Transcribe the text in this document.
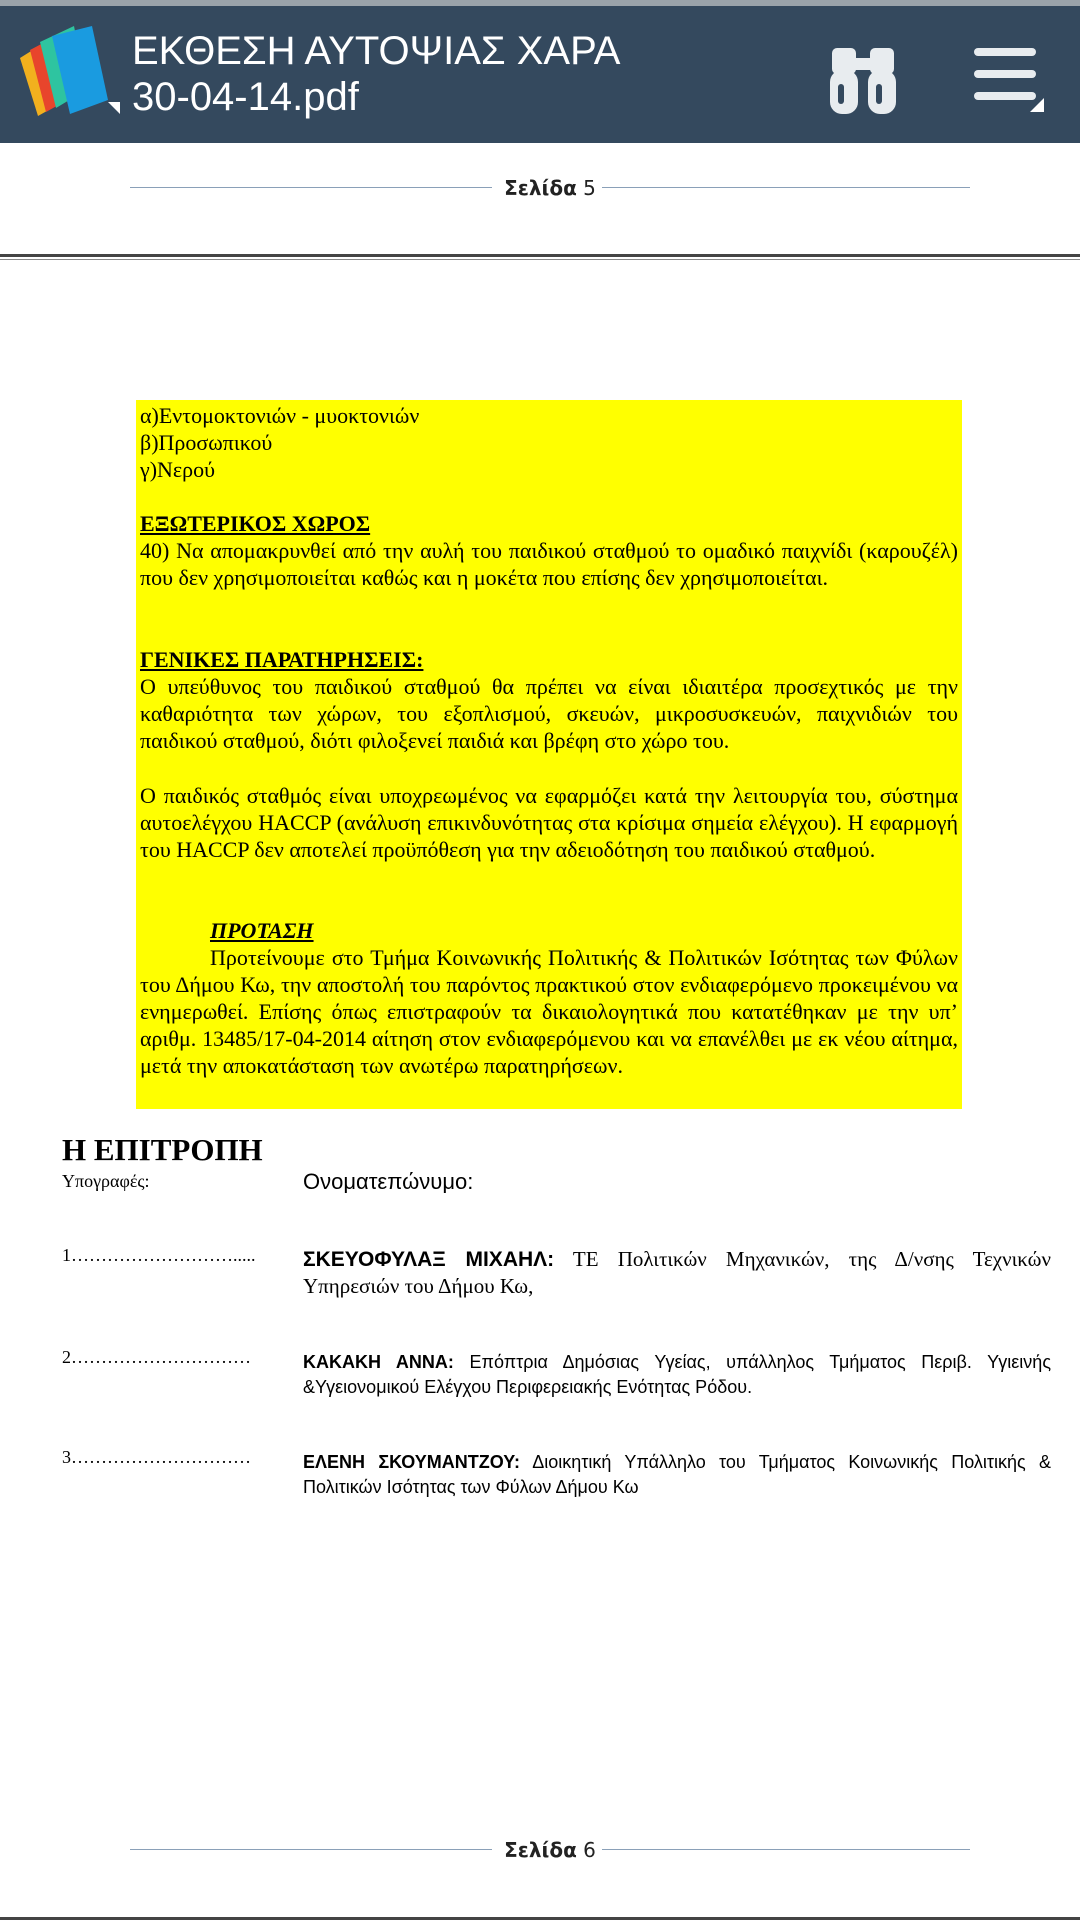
ΕΚΘΕΣΗ ΑΥΤΟΨΙΑΣ ΧΑΡΑ
30-04-14.pdf
Σελίδα 5
α)Εντομοκτονιών - μυοκτονιών
β)Προσωπικού
γ)Νερού
ΕΞΩΤΕΡΙΚΟΣ ΧΩΡΟΣ
40) Να απομακρυνθεί από την αυλή του παιδικού σταθμού το ομαδικό παιχνίδι (καρουζέλ) που δεν χρησιμοποιείται καθώς και η μοκέτα που επίσης δεν χρησιμοποιείται.
ΓΕΝΙΚΕΣ ΠΑΡΑΤΗΡΗΣΕΙΣ:
Ο υπεύθυνος του παιδικού σταθμού θα πρέπει να είναι ιδιαιτέρα προσεχτικός με την καθαριότητα των χώρων, του εξοπλισμού, σκευών, μικροσυσκευών, παιχνιδιών του παιδικού σταθμού, διότι φιλοξενεί παιδιά και βρέφη στο χώρο του.
Ο παιδικός σταθμός είναι υποχρεωμένος να εφαρμόζει κατά την λειτουργία του, σύστημα αυτοελέγχου HACCP (ανάλυση επικινδυνότητας στα κρίσιμα σημεία ελέγχου). Η εφαρμογή του HACCP δεν αποτελεί προϋπόθεση για την αδειοδότηση του παιδικού σταθμού.
ΠΡΟΤΑΣΗ
Προτείνουμε στο Τμήμα Κοινωνικής Πολιτικής & Πολιτικών Ισότητας των Φύλων του Δήμου Κω, την αποστολή του παρόντος πρακτικού στον ενδιαφερόμενο προκειμένου να ενημερωθεί. Επίσης όπως επιστραφούν τα δικαιολογητικά που κατατέθηκαν με την υπ’ αριθμ. 13485/17-04-2014 αίτηση στον ενδιαφερόμενου και να επανέλθει με εκ νέου αίτημα, μετά την αποκατάσταση των ανωτέρω παρατηρήσεων.
Η ΕΠΙΤΡΟΠΗ
Υπογραφές:	Ονοματεπώνυμο:
1………………………..... ΣΚΕΥΟΦΥΛΑΞ ΜΙΧΑΗΛ: ΤΕ Πολιτικών Μηχανικών, της Δ/νσης Τεχνικών Υπηρεσιών του Δήμου Κω,
2…………………………	ΚΑΚΑΚΗ ΑΝΝΑ: Επόπτρια Δημόσιας Υγείας, υπάλληλος Τμήματος Περιβ. Υγιεινής &Υγειονομικού Ελέγχου Περιφερειακής Ενότητας Ρόδου.
3…………………………	ΕΛΕΝΗ ΣΚΟΥΜΑΝΤΖΟΥ: Διοικητική Υπάλληλο του Τμήματος Κοινωνικής Πολιτικής & Πολιτικών Ισότητας των Φύλων Δήμου Κω
Σελίδα 6
